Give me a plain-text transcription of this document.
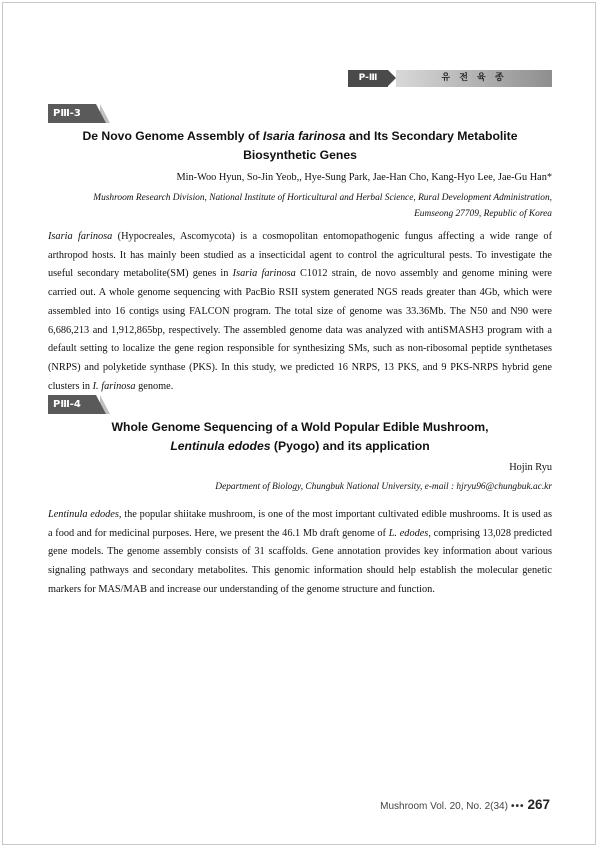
P-Ⅲ	유 전 육 종
PⅢ-3
De Novo Genome Assembly of Isaria farinosa and Its Secondary Metabolite
Biosynthetic Genes
Min-Woo Hyun, So-Jin Yeob,, Hye-Sung Park, Jae-Han Cho, Kang-Hyo Lee, Jae-Gu Han*
Mushroom Research Division, National Institute of Horticultural and Herbal Science, Rural Development Administration,
Eumseong 27709, Republic of Korea

Isaria farinosa (Hypocreales, Ascomycota) is a cosmopolitan entomopathogenic fungus affecting a wide range of arthropod hosts. It has mainly been studied as a insecticidal agent to control the agricultural pests. To investigate the useful secondary metabolite(SM) genes in Isaria farinosa C1012 strain, de novo assembly and genome mining were carried out. A whole genome sequencing with PacBio RSII system generated NGS reads greater than 4Gb, which were assembled into 16 contigs using FALCON program. The total size of genome was 33.36Mb. The N50 and N90 were 6,686,213 and 1,912,865bp, respectively. The assembled genome data was analyzed with antiSMASH3 program with a default setting to localize the gene region responsible for synthesizing SMs, such as non-ribosomal peptide synthetases (NRPS) and polyketide synthase (PKS). In this study, we predicted 16 NRPS, 13 PKS, and 9 PKS-NRPS hybrid gene clusters in I. farinosa genome.

PⅢ-4
Whole Genome Sequencing of a Wold Popular Edible Mushroom,
Lentinula edodes (Pyogo) and its application
Hojin Ryu
Department of Biology, Chungbuk National University, e-mail : hjryu96@chungbuk.ac.kr

Lentinula edodes, the popular shiitake mushroom, is one of the most important cultivated edible mushrooms. It is used as a food and for medicinal purposes. Here, we present the 46.1 Mb draft genome of L. edodes, comprising 13,028 predicted gene models. The genome assembly consists of 31 scaffolds. Gene annotation provides key information about various signaling pathways and secondary metabolites. This genomic information should help establish the molecular genetic markers for MAS/MAB and increase our understanding of the genome structure and function.

Mushroom Vol. 20, No. 2(34) ••• 267
